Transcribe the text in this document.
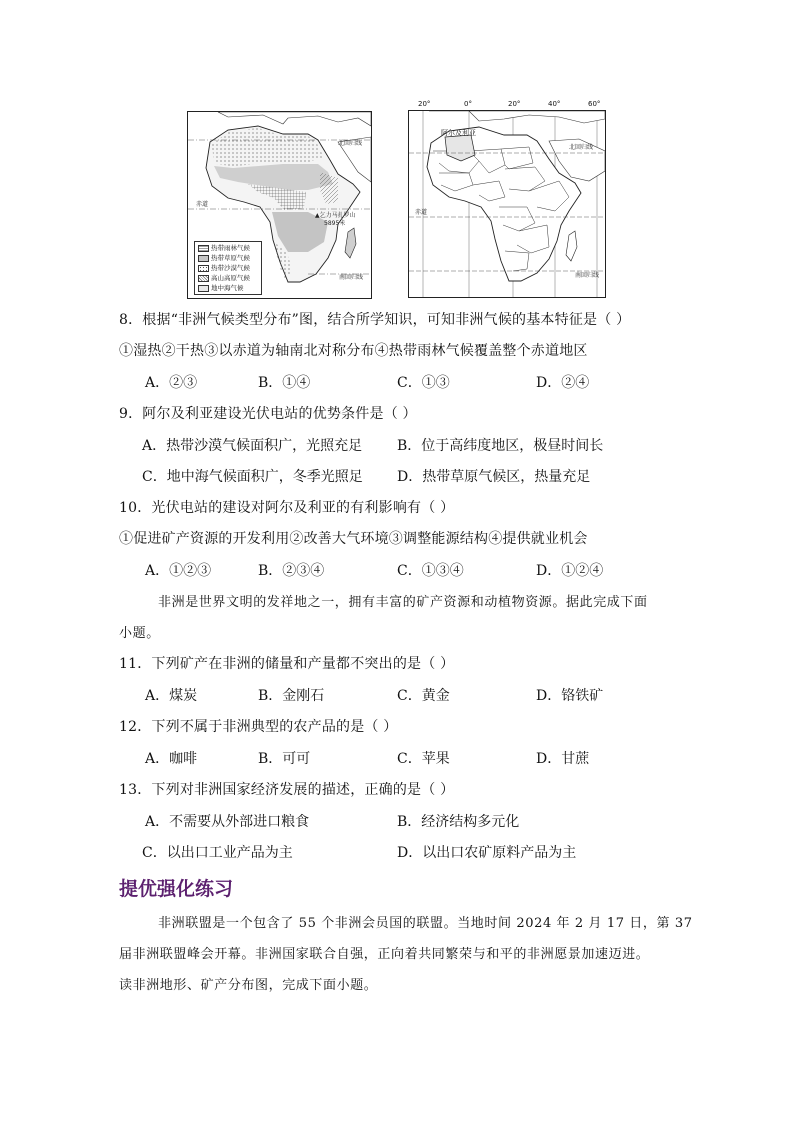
北回归线
赤道
南回归线
▲乞力马扎罗山
5895米
热带雨林气候
热带草原气候
热带沙漠气候
高山高原气候
地中海气候
20°	0°	20°	40°	60°
阿尔及利亚
北回归线
赤道
南回归线
8．根据“非洲气候类型分布”图，结合所学知识，可知非洲气候的基本特征是（ ）
①湿热②干热③以赤道为轴南北对称分布④热带雨林气候覆盖整个赤道地区
A．②③	B．①④	C．①③	D．②④
9．阿尔及利亚建设光伏电站的优势条件是（ ）
A．热带沙漠气候面积广，光照充足 B．位于高纬度地区，极昼时间长
C．地中海气候面积广，冬季光照足 D．热带草原气候区，热量充足
10．光伏电站的建设对阿尔及利亚的有利影响有（ ）
①促进矿产资源的开发利用②改善大气环境③调整能源结构④提供就业机会
A．①②③	B．②③④	C．①③④	D．①②④
非洲是世界文明的发祥地之一，拥有丰富的矿产资源和动植物资源。据此完成下面
小题。
11．下列矿产在非洲的储量和产量都不突出的是（ ）
A．煤炭	B．金刚石	C．黄金	D．铬铁矿
12．下列不属于非洲典型的农产品的是（ ）
A．咖啡	B．可可	C．苹果	D．甘蔗
13．下列对非洲国家经济发展的描述，正确的是（ ）
A．不需要从外部进口粮食	B．经济结构多元化
C．以出口工业产品为主	D．以出口农矿原料产品为主
提优强化练习
非洲联盟是一个包含了 55 个非洲会员国的联盟。当地时间 2024 年 2 月 17 日，第 37
届非洲联盟峰会开幕。非洲国家联合自强，正向着共同繁荣与和平的非洲愿景加速迈进。
读非洲地形、矿产分布图，完成下面小题。
